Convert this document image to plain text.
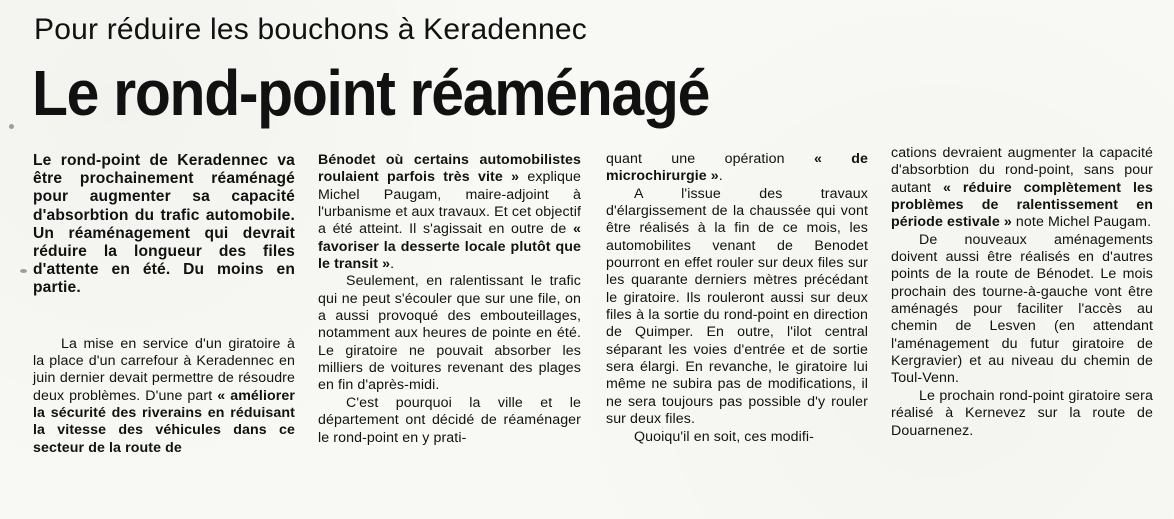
Pour réduire les bouchons à Keradennec
Le rond-point réaménagé

Le rond-point de Keradennec va être prochainement réaménagé pour augmenter sa capacité d'absorbtion du trafic automobile. Un réaménagement qui devrait réduire la longueur des files d'attente en été. Du moins en partie.

La mise en service d'un giratoire à la place d'un carrefour à Keradennec en juin dernier devait permettre de résoudre deux problèmes. D'une part « améliorer la sécurité des riverains en réduisant la vitesse des véhicules dans ce secteur de la route de

Bénodet où certains automobilistes roulaient parfois très vite » explique Michel Paugam, maire-adjoint à l'urbanisme et aux travaux. Et cet objectif a été atteint. Il s'agissait en outre de « favoriser la desserte locale plutôt que le transit ».

Seulement, en ralentissant le trafic qui ne peut s'écouler que sur une file, on a aussi provoqué des embouteillages, notamment aux heures de pointe en été. Le giratoire ne pouvait absorber les milliers de voitures revenant des plages en fin d'après-midi.

C'est pourquoi la ville et le département ont décidé de réaménager le rond-point en y prati-

quant une opération « de microchirurgie ».

A l'issue des travaux d'élargissement de la chaussée qui vont être réalisés à la fin de ce mois, les automobilites venant de Benodet pourront en effet rouler sur deux files sur les quarante derniers mètres précédant le giratoire. Ils rouleront aussi sur deux files à la sortie du rond-point en direction de Quimper. En outre, l'ilot central séparant les voies d'entrée et de sortie sera élargi. En revanche, le giratoire lui même ne subira pas de modifications, il ne sera toujours pas possible d'y rouler sur deux files.

Quoiqu'il en soit, ces modifi-

cations devraient augmenter la capacité d'absorbtion du rond-point, sans pour autant « réduire complètement les problèmes de ralentissement en période estivale » note Michel Paugam.

De nouveaux aménagements doivent aussi être réalisés en d'autres points de la route de Bénodet. Le mois prochain des tourne-à-gauche vont être aménagés pour faciliter l'accès au chemin de Lesven (en attendant l'aménagement du futur giratoire de Kergravier) et au niveau du chemin de Toul-Venn.

Le prochain rond-point giratoire sera réalisé à Kernevez sur la route de Douarnenez.
